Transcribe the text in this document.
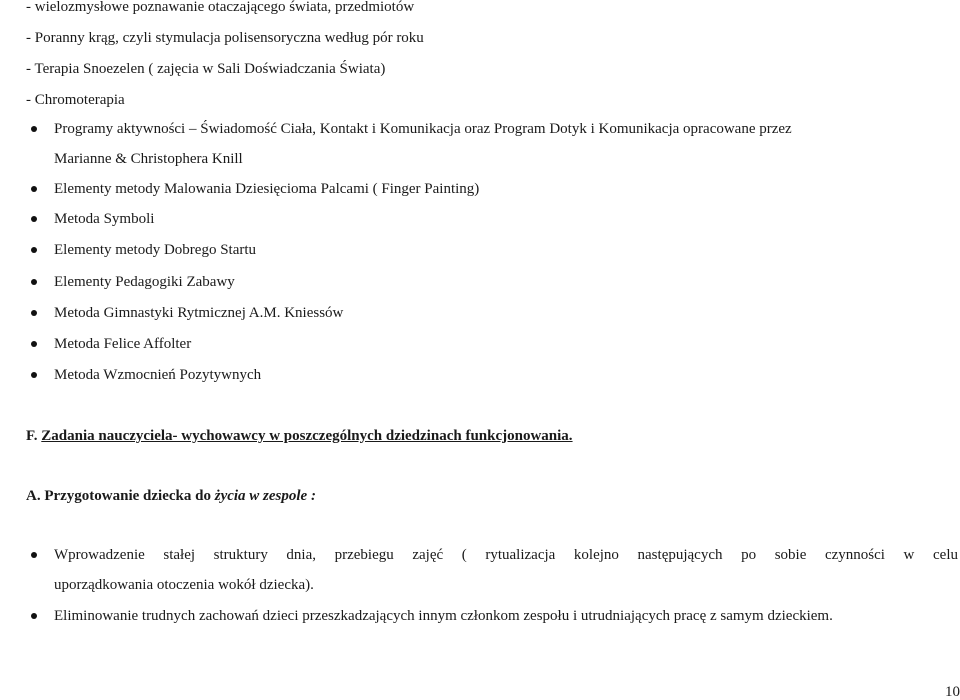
- wielozmysłowe poznawanie otaczającego świata, przedmiotów
- Poranny krąg, czyli stymulacja polisensoryczna według pór roku
- Terapia Snoezelen ( zajęcia w Sali Doświadczania Świata)
- Chromoterapia
Programy aktywności – Świadomość Ciała, Kontakt i Komunikacja oraz Program Dotyk i Komunikacja opracowane przez
Marianne & Christophera Knill
Elementy metody Malowania Dziesięcioma Palcami ( Finger Painting)
Metoda Symboli
Elementy metody Dobrego Startu
Elementy Pedagogiki Zabawy
Metoda Gimnastyki Rytmicznej A.M. Kniessów
Metoda Felice Affolter
Metoda Wzmocnień Pozytywnych
F. Zadania nauczyciela- wychowawcy w poszczególnych dziedzinach funkcjonowania.
A. Przygotowanie dziecka do życia w zespole :
Wprowadzenie stałej struktury dnia, przebiegu zajęć ( rytualizacja kolejno następujących po sobie czynności w celu
uporządkowania otoczenia wokół dziecka).
Eliminowanie trudnych zachowań dzieci przeszkadzających innym członkom zespołu i utrudniających pracę z samym dzieckiem.
10
